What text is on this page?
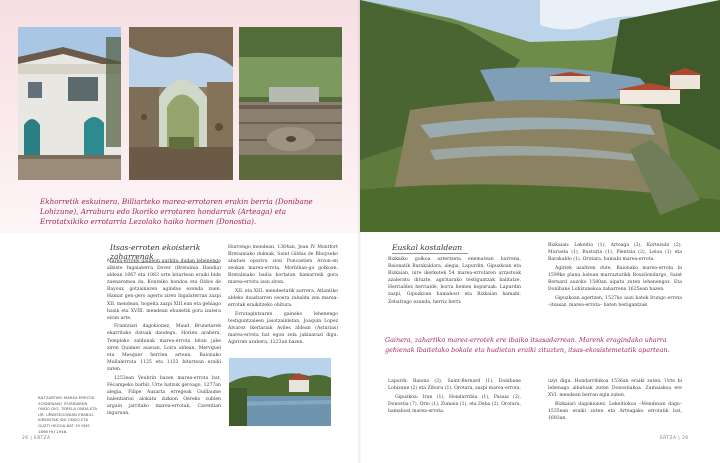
Ekhorretik eskuinera, Billiarteko marea-errotaren erakin berria (Donibane Lohizune), Arraburu edo Ikoriko errotaren hondarrak (Arteaga) eta Errotatxikiko errotarria Lezolako haiko hormen (Donostia).
Itsas-erroten ekoisterik zaharrenak

Marea-errotei gaineon aurkitu dudan lehenengo albiste Ingalaterra Dover (Bretainia Handia) aldean 1067 eta 1083 urte bitartean eraiki bide zuenaremea da. Konteiko hondoa eta Oldos de Bayoux gotzainaren agindus ezonda zuen. Hamar gen-gero agertu ziren Ingalaterran zazpi XII. mendean, hogeita zazpi XIII.ean eta gehiago hasik eta XVIII. mendean ehunetik gora izatera eiran arte.

Frantziari dagokionez, Maud Brunetarek ekarritako datuak daudegu. Horien arabera, Templeko zaldunak marea-errota bitan jabe ziren Quimier auzoan, Loira aldean, Mervquel eta Mesquer herrien artean. Baionako Mullalerrota 1125 eta 1133 bitartean eraiki zuten.

1253ean Veubrin bazen marea-errota bat, Fécampeko barbil. Urte batzuk geroago, 1277an alegia, Filipe Ausarta erregeak Guillaume balentiarioi alokatu zizkion Oereko zubien argain jarritako marea-errotak, Caventian inguruan.

BILTZARTIKO MAREA ERROTA SOSNENAKO ITURRIAREN ONDO DIO, TERELA ONDA ETA UR. URWISEGONIAN ERABILI. KIRKINTAK IDU ONDO ETA GUZTI HEGOA BAT 35 KMS 1898 HU 1946.

Hurrengo mendean, 1364an, Jean IV Montfort Bretainiako dukeak, Saint Gildas de Rhuyseko abatuei opariru zion Poncastien Arzon-en zeukan marea-errota, Morbihan-go golkoan. Bretainiako badia hortatan hamarreik gora marea-errota izan ziren.

XII. eta XIII. mendeetatik aurrera, Atlantiko aldeko itsasbarren osoera zabaldu zen marea-errotak eraikitzeko ohitura.

Errotagintzaren gaineko lehenengo testiguntzaleen jasotzaildetan, Joaquin Lopez Alvarez ikerlariak Aviles aldean (Asturias) marea-errota bat egon zela jakinarazi digu. Agiriren arabera, 1223an bazen.

26 | ERTZA
Euskal kostaldean

Bizkaiko golkoa aztertzeta enematean hurrena, Baionatik Barakaldora, alegia, Lapurdin, Gipuzkoan eta Bizkaian, nire ikerketek 54 marea-errotaren arrastoak azaleratu dituzte, agiritarako testiguntzak balitatze. Herrialdez herrialde, horra hemen kopuruak: Lapurdin zazpi, Gipuzkoan hamahost eta Bizkaian hamabi. Zebatrago ezanda, herriz herri:

Bizkaian: Lekeitio (1), Arteaga (3), Kortezubi (2), Murueta (1), Busturia (1), Plentzia (2), Leioa (1) eta Barakaldo (1). Orotara, hamabi marea-errota.

Agiriek azaltzen dute, Baionako marea-errota bi 1599ko planu batean marraztatikk Bouzilondargo, Saint Bernard auzoko 1580an aipatu zuten lehenengoz. Eta Donibane Lohizunekoa zaharrena 1625ean bazen.

Gipuzkoan agertzen, 1527ko auzi batek Irungo errota –itsasaz, marea-errota– baten testigantzak

Gainera, zahartiko marea-errotek ere ibaiko itsasadarrean. Marenk eragindako uharra gehienak lbaitetako bokale eta hudietan eraiki zituzten, itsas-ekosistemetatik apartean.

Lapurdi: Baiona (3), Saint-Bernard (1), Donibane Lohizune (2) eta Ziburu (1). Orotara, zazpi marea-errota.

Gipuzkoa: Irun (1), Hondarribia (1), Pasaia (2), Donostia (7), Orio (1), Zumaia (1), eta Deba (2). Orotara, hamabost marea-errota.

uzyi digu. Hondarribikoa 1536an eraiki zuten. Urte bi lehenago aibatuak zuten Donostiakoa. Zumaiakoa ere XVI. mendean berran egin zuten.

Bizkaiari dagokionez, Lekeitiokoa –Mendexan dago– 1535ean eraiki zuten eta Arteagako errotatik bat, 1683an.

ERTZA | 29
